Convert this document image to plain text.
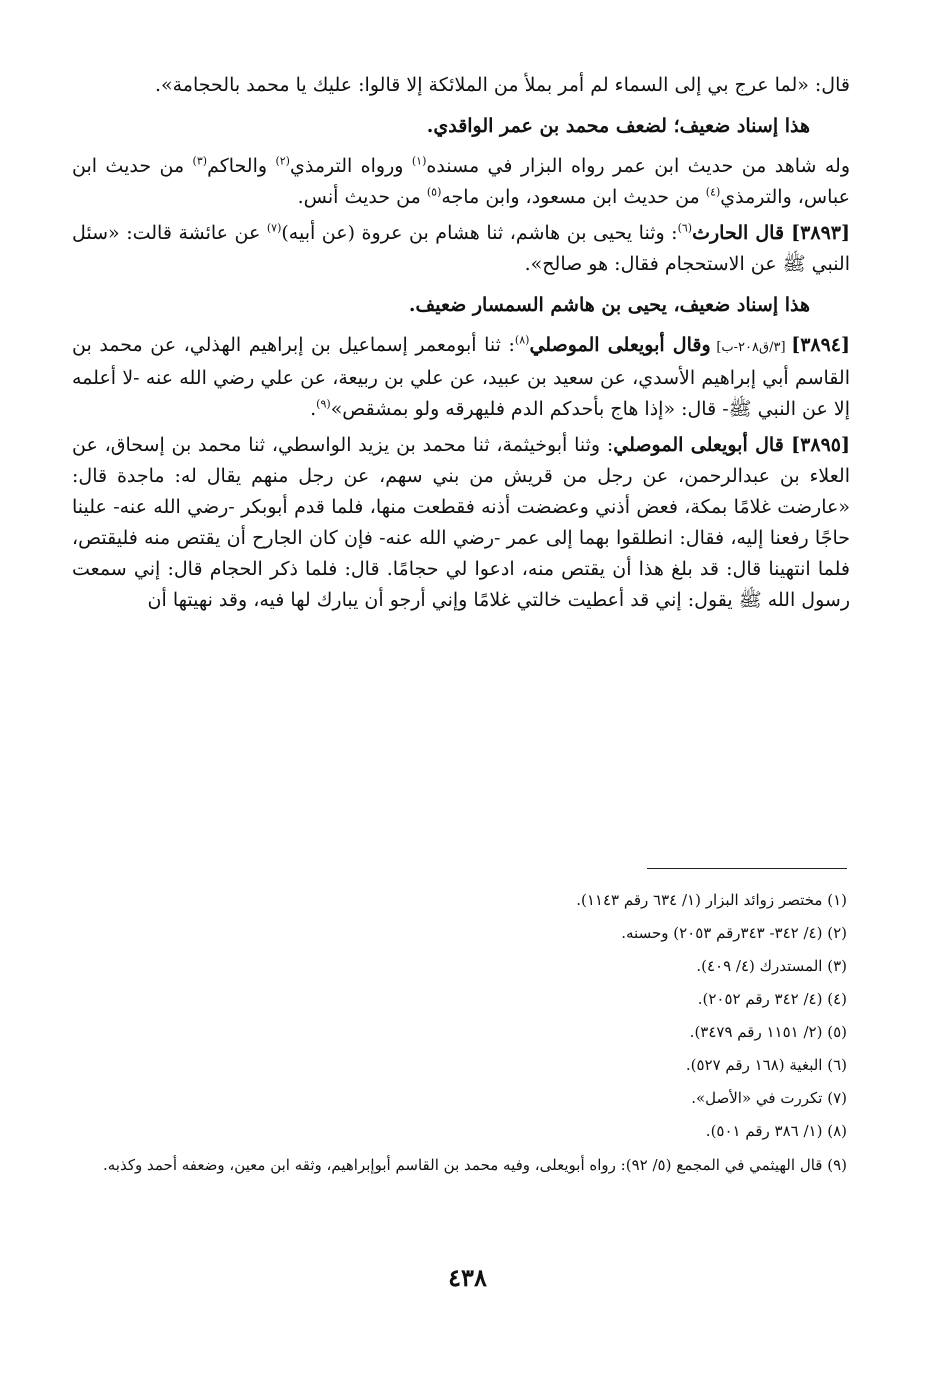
قال: «لما عرج بي إلى السماء لم أمر بملأ من الملائكة إلا قالوا: عليك يا محمد بالحجامة».

هذا إسناد ضعيف؛ لضعف محمد بن عمر الواقدي.

وله شاهد من حديث ابن عمر رواه البزار في مسنده$^{(١)}$ ورواه الترمذي$^{(٢)}$ والحاكم$^{(٣)}$ من حديث ابن عباس، والترمذي$^{(٤)}$ من حديث ابن مسعود، وابن ماجه$^{(٥)}$ من حديث أنس.

[٣٨٩٣] قال الحارث$^{(٦)}$: وثنا يحيى بن هاشم، ثنا هشام بن عروة (عن أبيه)$^{(٧)}$ عن عائشة قالت: «سئل النبي ﷺ عن الاستحجام فقال: هو صالح».

هذا إسناد ضعيف، يحيى بن هاشم السمسار ضعيف.

[٣٨٩٤] [٣/ق٢٠٨-ب] وقال أبويعلى الموصلي$^{(٨)}$: ثنا أبومعمر إسماعيل بن إبراهيم الهذلي، عن محمد بن القاسم أبي إبراهيم الأسدي، عن سعيد بن عبيد، عن علي بن ربيعة، عن علي رضي الله عنه -لا أعلمه إلا عن النبي ﷺ- قال: «إذا هاج بأحدكم الدم فليهرقه ولو بمشقص»$^{(٩)}$.

[٣٨٩٥] قال أبويعلى الموصلي: وثنا أبوخيثمة، ثنا محمد بن يزيد الواسطي، ثنا محمد بن إسحاق، عن العلاء بن عبدالرحمن، عن رجل من قريش من بني سهم، عن رجل منهم يقال له: ماجدة قال: «عارضت غلامًا بمكة، فعض أذني وعضضت أذنه فقطعت منها، فلما قدم أبوبكر -رضي الله عنه- علينا حاجًا رفعنا إليه، فقال: انطلقوا بهما إلى عمر -رضي الله عنه- فإن كان الجارح أن يقتص منه فليقتص، فلما انتهينا قال: قد بلغ هذا أن يقتص منه، ادعوا لي حجامًا. قال: فلما ذكر الحجام قال: إني سمعت رسول الله ﷺ يقول: إني قد أعطيت خالتي غلامًا وإني أرجو أن يبارك لها فيه، وقد نهيتها أن

(١) مختصر زوائد البزار (١/ ٦٣٤ رقم ١١٤٣).

(٢) (٤/ ٣٤٢- ٣٤٣رقم ٢٠٥٣) وحسنه.

(٣) المستدرك (٤/ ٤٠٩).

(٤) (٤/ ٣٤٢ رقم ٢٠٥٢).

(٥) (٢/ ١١٥١ رقم ٣٤٧٩).

(٦) البغية (١٦٨ رقم ٥٢٧).

(٧) تكررت في «الأصل».

(٨) (١/ ٣٨٦ رقم ٥٠١).

(٩) قال الهيثمي في المجمع (٥/ ٩٢): رواه أبويعلى، وفيه محمد بن القاسم أبوإبراهيم، وثقه ابن معين، وضعفه أحمد وكذبه.

٤٣٨
